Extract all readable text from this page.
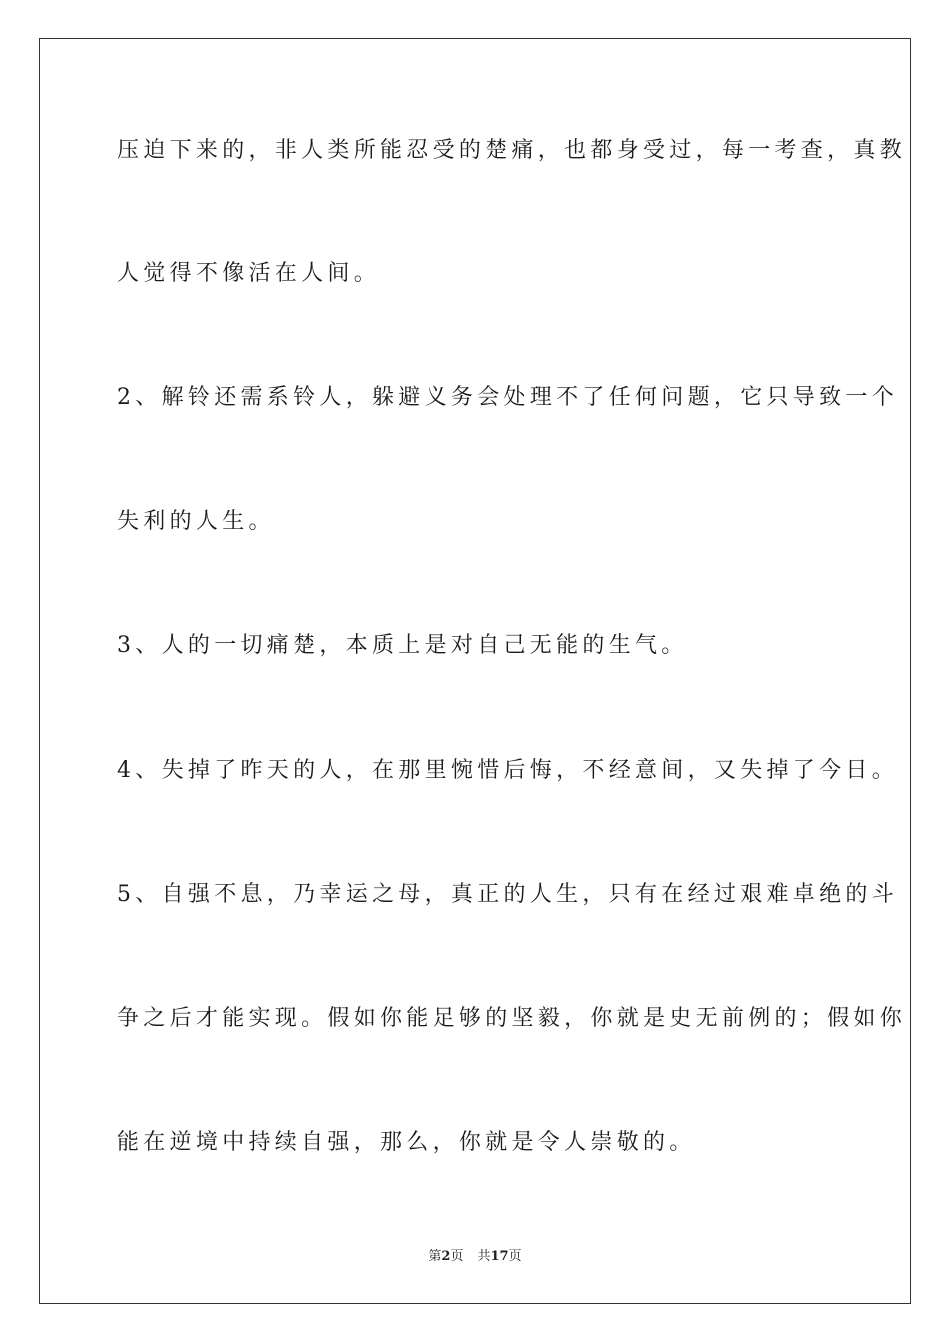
压迫下来的，非人类所能忍受的楚痛，也都身受过，每一考查，真教

人觉得不像活在人间。

2、解铃还需系铃人，躲避义务会处理不了任何问题，它只导致一个

失利的人生。

3、人的一切痛楚，本质上是对自己无能的生气。

4、失掉了昨天的人，在那里惋惜后悔，不经意间，又失掉了今日。

5、自强不息，乃幸运之母，真正的人生，只有在经过艰难卓绝的斗

争之后才能实现。假如你能足够的坚毅，你就是史无前例的；假如你

能在逆境中持续自强，那么，你就是令人崇敬的。

第2页 共17页
